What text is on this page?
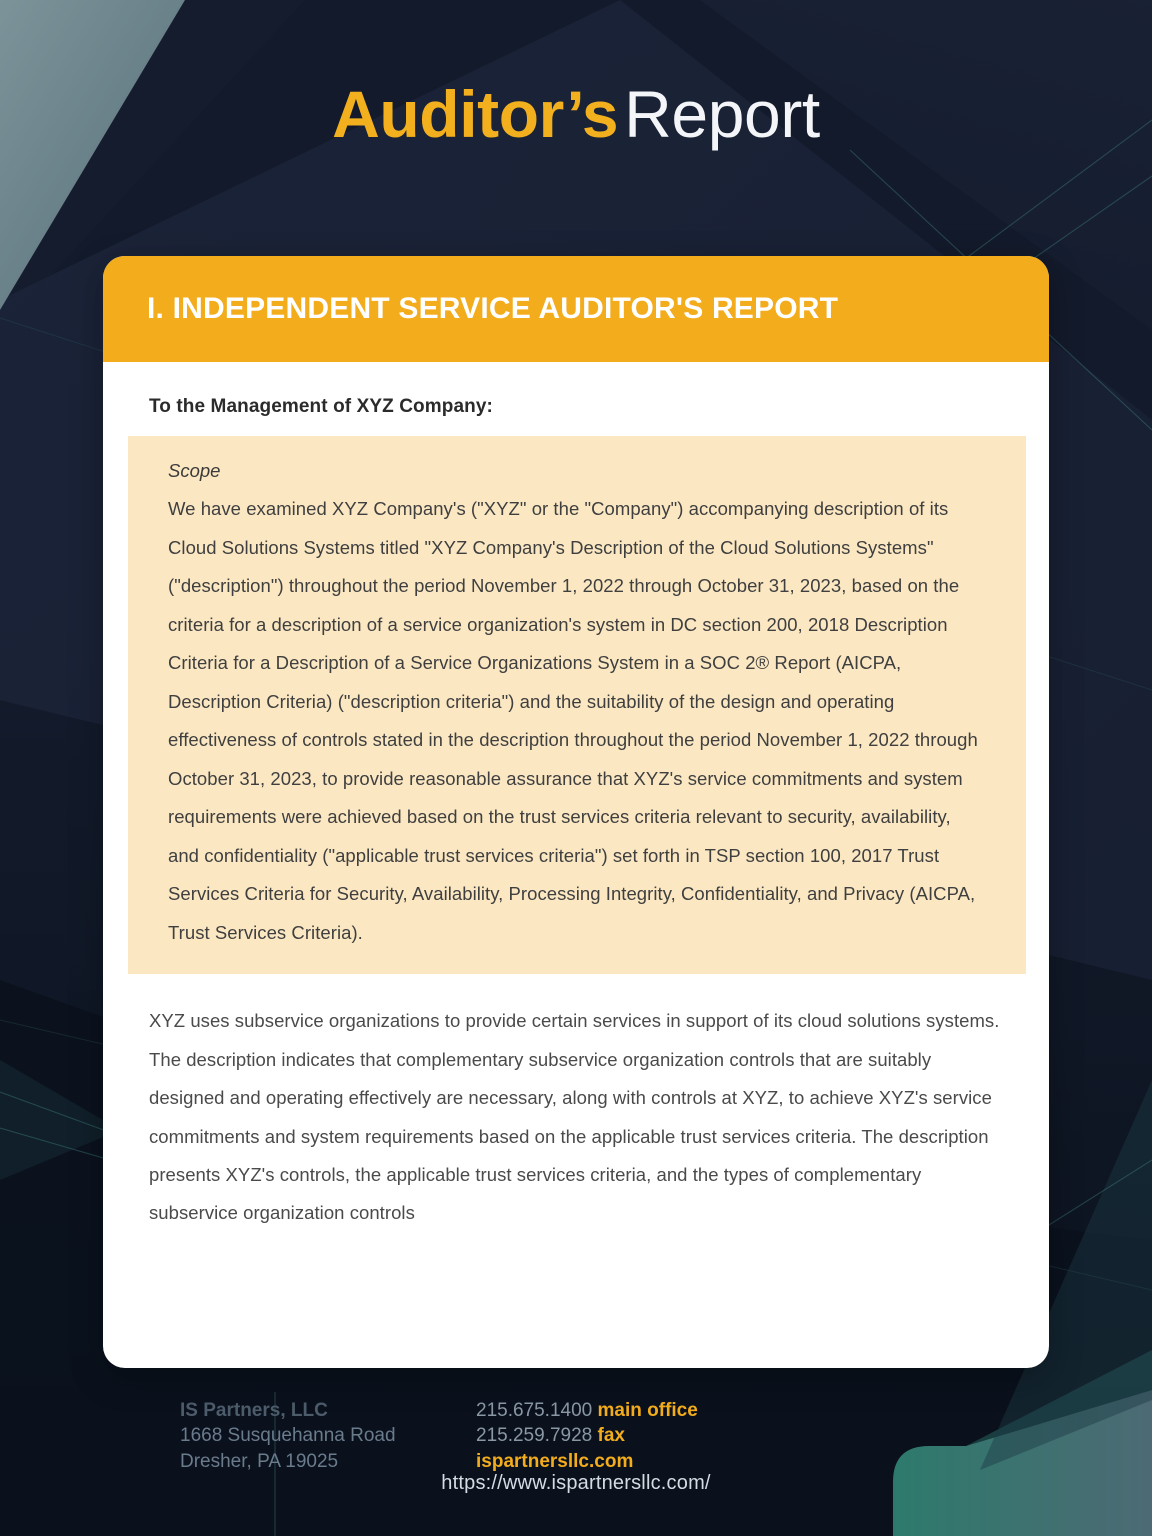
Auditor’sReport
I. INDEPENDENT SERVICE AUDITOR'S REPORT
To the Management of XYZ Company:
Scope
We have examined XYZ Company's ("XYZ" or the "Company") accompanying description of its Cloud Solutions Systems titled "XYZ Company's Description of the Cloud Solutions Systems" ("description") throughout the period November 1, 2022 through October 31, 2023, based on the criteria for a description of a service organization's system in DC section 200, 2018 Description Criteria for a Description of a Service Organizations System in a SOC 2® Report (AICPA, Description Criteria) ("description criteria") and the suitability of the design and operating effectiveness of controls stated in the description throughout the period November 1, 2022 through October 31, 2023, to provide reasonable assurance that XYZ's service commitments and system requirements were achieved based on the trust services criteria relevant to security, availability, and confidentiality ("applicable trust services criteria") set forth in TSP section 100, 2017 Trust Services Criteria for Security, Availability, Processing Integrity, Confidentiality, and Privacy (AICPA, Trust Services Criteria).
XYZ uses subservice organizations to provide certain services in support of its cloud solutions systems. The description indicates that complementary subservice organization controls that are suitably designed and operating effectively are necessary, along with controls at XYZ, to achieve XYZ's service commitments and system requirements based on the applicable trust services criteria. The description presents XYZ's controls, the applicable trust services criteria, and the types of complementary subservice organization controls
IS Partners, LLC
1668 Susquehanna Road
Dresher, PA 19025
215.675.1400 main office
215.259.7928 fax
ispartnersllc.com
https://www.ispartnersllc.com/
